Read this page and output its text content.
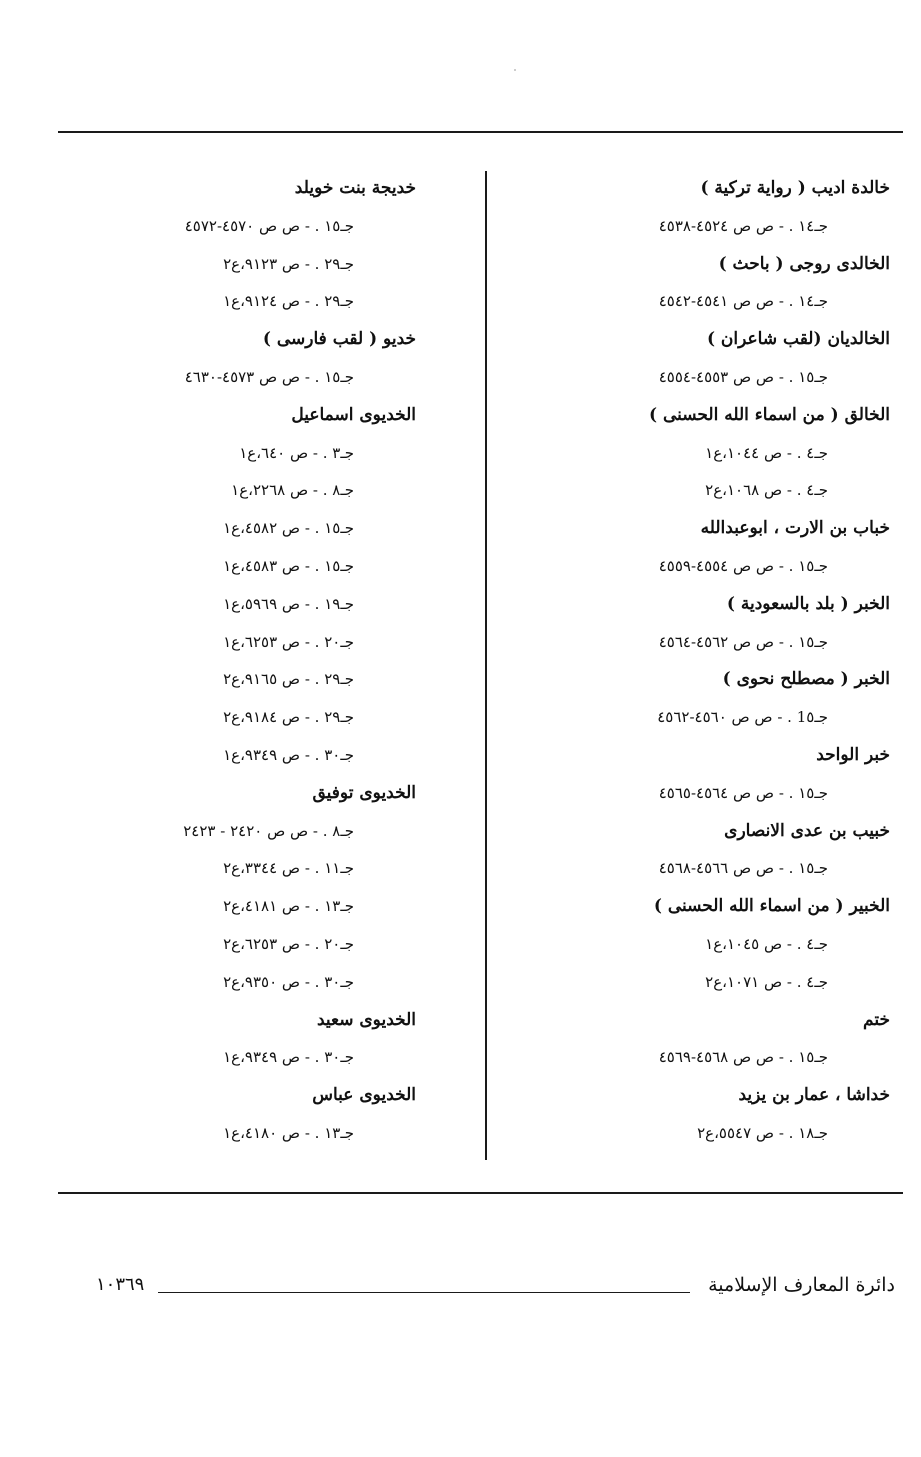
خالدة اديب ( رواية تركية )
جـ١٤ . - ص ص ٤٥٢٤-٤٥٣٨
الخالدى روجى ( باحث )
جـ١٤ . - ص ص ٤٥٤١-٤٥٤٢
الخالديان (لقب شاعران )
جـ١٥ . - ص ص ٤٥٥٣-٤٥٥٤
الخالق ( من اسماء الله الحسنى )
جـ٤ . - ص ١٠٤٤،ع١
جـ٤ . - ص ١٠٦٨،ع٢
خباب بن الارت ، ابوعبدالله
جـ١٥ . - ص ص ٤٥٥٤-٤٥٥٩
الخبر ( بلد بالسعودية )
جـ١٥ . - ص ص ٤٥٦٢-٤٥٦٤
الخبر ( مصطلح نحوى )
جـ1٥ . - ص ص ٤٥٦٠-٤٥٦٢
خبر الواحد
جـ١٥ . - ص ص ٤٥٦٤-٤٥٦٥
خبيب بن عدى الانصارى
جـ١٥ . - ص ص ٤٥٦٦-٤٥٦٨
الخبير ( من اسماء الله الحسنى )
جـ٤ . - ص ١٠٤٥،ع١
جـ٤ . - ص ١٠٧١،ع٢
ختم
جـ١٥ . - ص ص ٤٥٦٨-٤٥٦٩
خداشا ، عمار بن يزيد
جـ١٨ . - ص ٥٥٤٧،ع٢
خديجة بنت خويلد
جـ١٥ . - ص ص ٤٥٧٠-٤٥٧٢
جـ٢٩ . - ص ٩١٢٣،ع٢
جـ٢٩ . - ص ٩١٢٤،ع١
خديو ( لقب فارسى )
جـ١٥ . - ص ص ٤٥٧٣-٤٦٣٠
الخديوى اسماعيل
جـ٣ . - ص ٦٤٠،ع١
جـ٨ . - ص ٢٢٦٨،ع١
جـ١٥ . - ص ٤٥٨٢،ع١
جـ١٥ . - ص ٤٥٨٣،ع١
جـ١٩ . - ص ٥٩٦٩،ع١
جـ٢٠ . - ص ٦٢٥٣،ع١
جـ٢٩ . - ص ٩١٦٥،ع٢
جـ٢٩ . - ص ٩١٨٤،ع٢
جـ٣٠ . - ص ٩٣٤٩،ع١
الخديوى توفيق
جـ٨ . - ص ص ٢٤٢٠ - ٢٤٢٣
جـ١١ . - ص ٣٣٤٤،ع٢
جـ١٣ . - ص ٤١٨١،ع٢
جـ٢٠ . - ص ٦٢٥٣،ع٢
جـ٣٠ . - ص ٩٣٥٠،ع٢
الخديوى سعيد
جـ٣٠ . - ص ٩٣٤٩،ع١
الخديوى عباس
جـ١٣ . - ص ٤١٨٠،ع١
دائرة المعارف الإسلامية
١٠٣٦٩
